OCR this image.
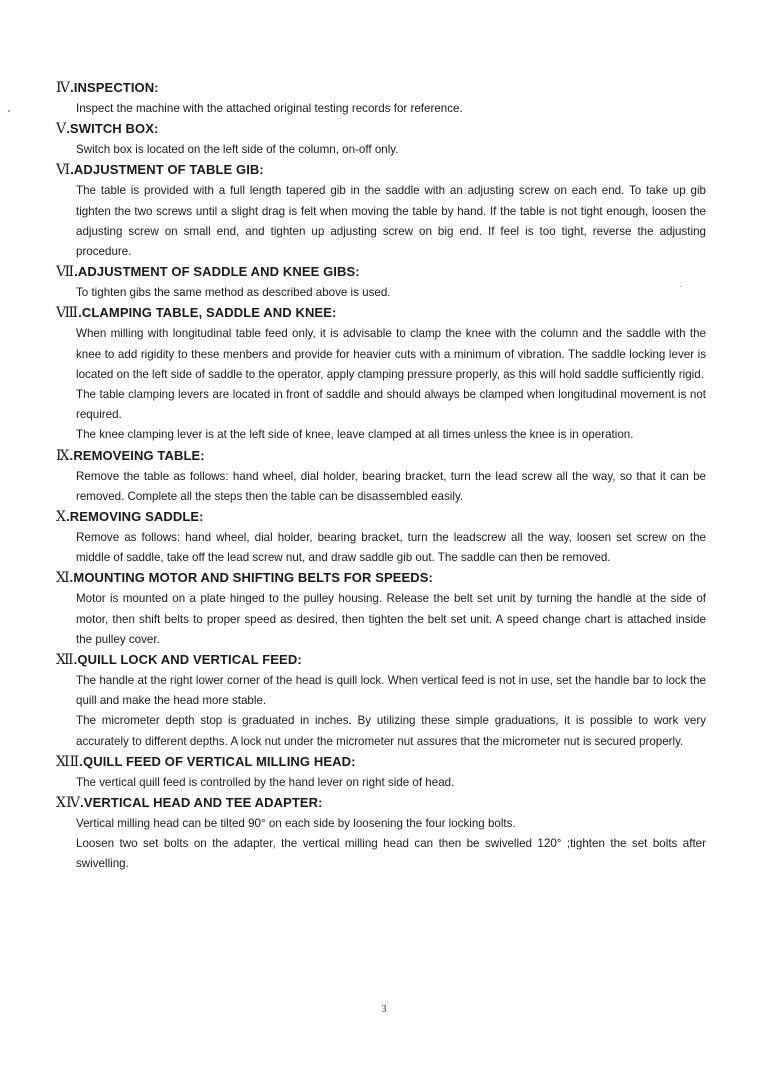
Ⅳ.INSPECTION:

Inspect the machine with the attached original testing records for reference.

Ⅴ.SWITCH BOX:

Switch box is located on the left side of the column, on-off only.

Ⅵ.ADJUSTMENT OF TABLE GIB:

The table is provided with a full length tapered gib in the saddle with an adjusting screw on each end. To take up gib tighten the two screws until a slight drag is felt when moving the table by hand. If the table is not tight enough, loosen the adjusting screw on small end, and tighten up adjusting screw on big end. If feel is too tight, reverse the adjusting procedure.

Ⅶ.ADJUSTMENT OF SADDLE AND KNEE GIBS:

To tighten gibs the same method as described above is used.

Ⅷ.CLAMPING TABLE, SADDLE AND KNEE:

When milling with longitudinal table feed only, it is advisable to clamp the knee with the column and the saddle with the knee to add rigidity to these menbers and provide for heavier cuts with a minimum of vibration. The saddle locking lever is located on the left side of saddle to the operator, apply clamping pressure properly, as this will hold saddle sufficiently rigid.

The table clamping levers are located in front of saddle and should always be clamped when longitudinal movement is not required.

The knee clamping lever is at the left side of knee, leave clamped at all times unless the knee is in operation.

Ⅸ.REMOVEING TABLE:

Remove the table as follows: hand wheel, dial holder, bearing bracket, turn the lead screw all the way, so that it can be removed. Complete all the steps then the table can be disassembled easily.

Ⅹ.REMOVING SADDLE:

Remove as follows: hand wheel, dial holder, bearing bracket, turn the leadscrew all the way, loosen set screw on the middle of saddle, take off the lead screw nut, and draw saddle gib out. The saddle can then be removed.

Ⅺ.MOUNTING MOTOR AND SHIFTING BELTS FOR SPEEDS:

Motor is mounted on a plate hinged to the pulley housing. Release the belt set unit by turning the handle at the side of motor, then shift belts to proper speed as desired, then tighten the belt set unit. A speed change chart is attached inside the pulley cover.

Ⅻ.QUILL LOCK AND VERTICAL FEED:

The handle at the right lower corner of the head is quill lock. When vertical feed is not in use, set the handle bar to lock the quill and make the head more stable.

The micrometer depth stop is graduated in inches. By utilizing these simple graduations, it is possible to work very accurately to different depths. A lock nut under the micrometer nut assures that the micrometer nut is secured properly.

ⅪⅡ.QUILL FEED OF VERTICAL MILLING HEAD:

The vertical quill feed is controlled by the hand lever on right side of head.

ⅩⅣ.VERTICAL HEAD AND TEE ADAPTER:

Vertical milling head can be tilted 90° on each side by loosening the four locking bolts.

Loosen two set bolts on the adapter, the vertical milling head can then be swivelled 120° ;tighten the set bolts after swivelling.

3
